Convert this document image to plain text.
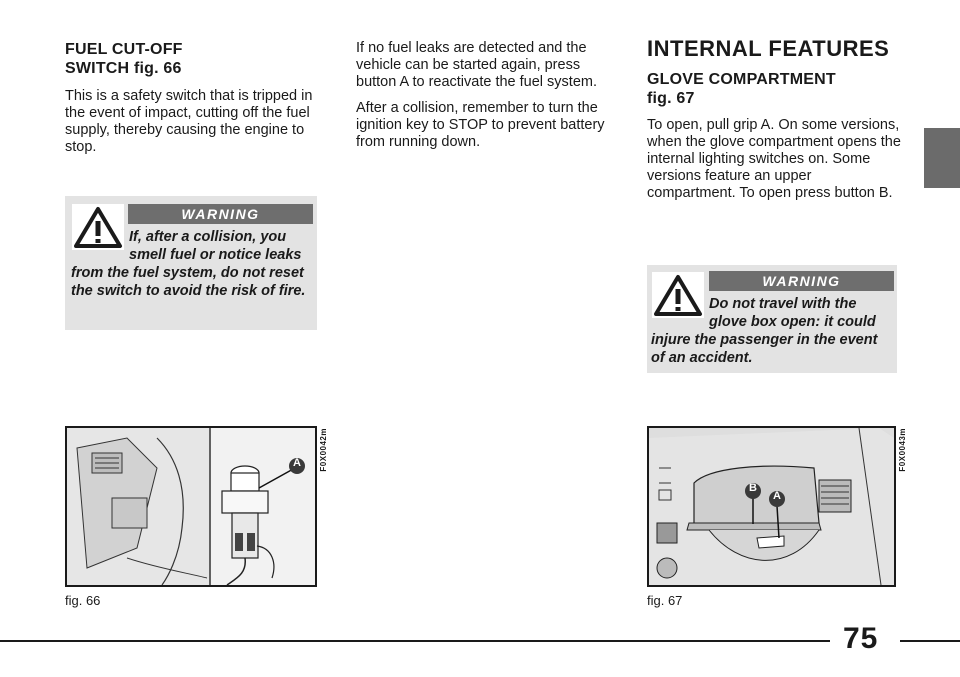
FUEL CUT-OFF
SWITCH fig. 66

This is a safety switch that is tripped in the event of impact, cutting off the fuel supply, thereby causing the engine to stop.

WARNING

If, after a collision, you smell fuel or notice leaks from the fuel system, do not reset the switch to avoid the risk of fire.

If no fuel leaks are detected and the vehicle can be started again, press button A to reactivate the fuel system.

After a collision, remember to turn the ignition key to STOP to prevent battery from running down.

INTERNAL FEATURES

GLOVE COMPARTMENT
fig. 67

To open, pull grip A. On some versions, when the glove compartment opens the internal lighting switches on. Some versions feature an upper compartment. To open press button B.

WARNING

Do not travel with the glove box open: it could injure the passenger in the event of an accident.

A F0X0042m
fig. 66
B
A
F0X0043m
fig. 67
75
